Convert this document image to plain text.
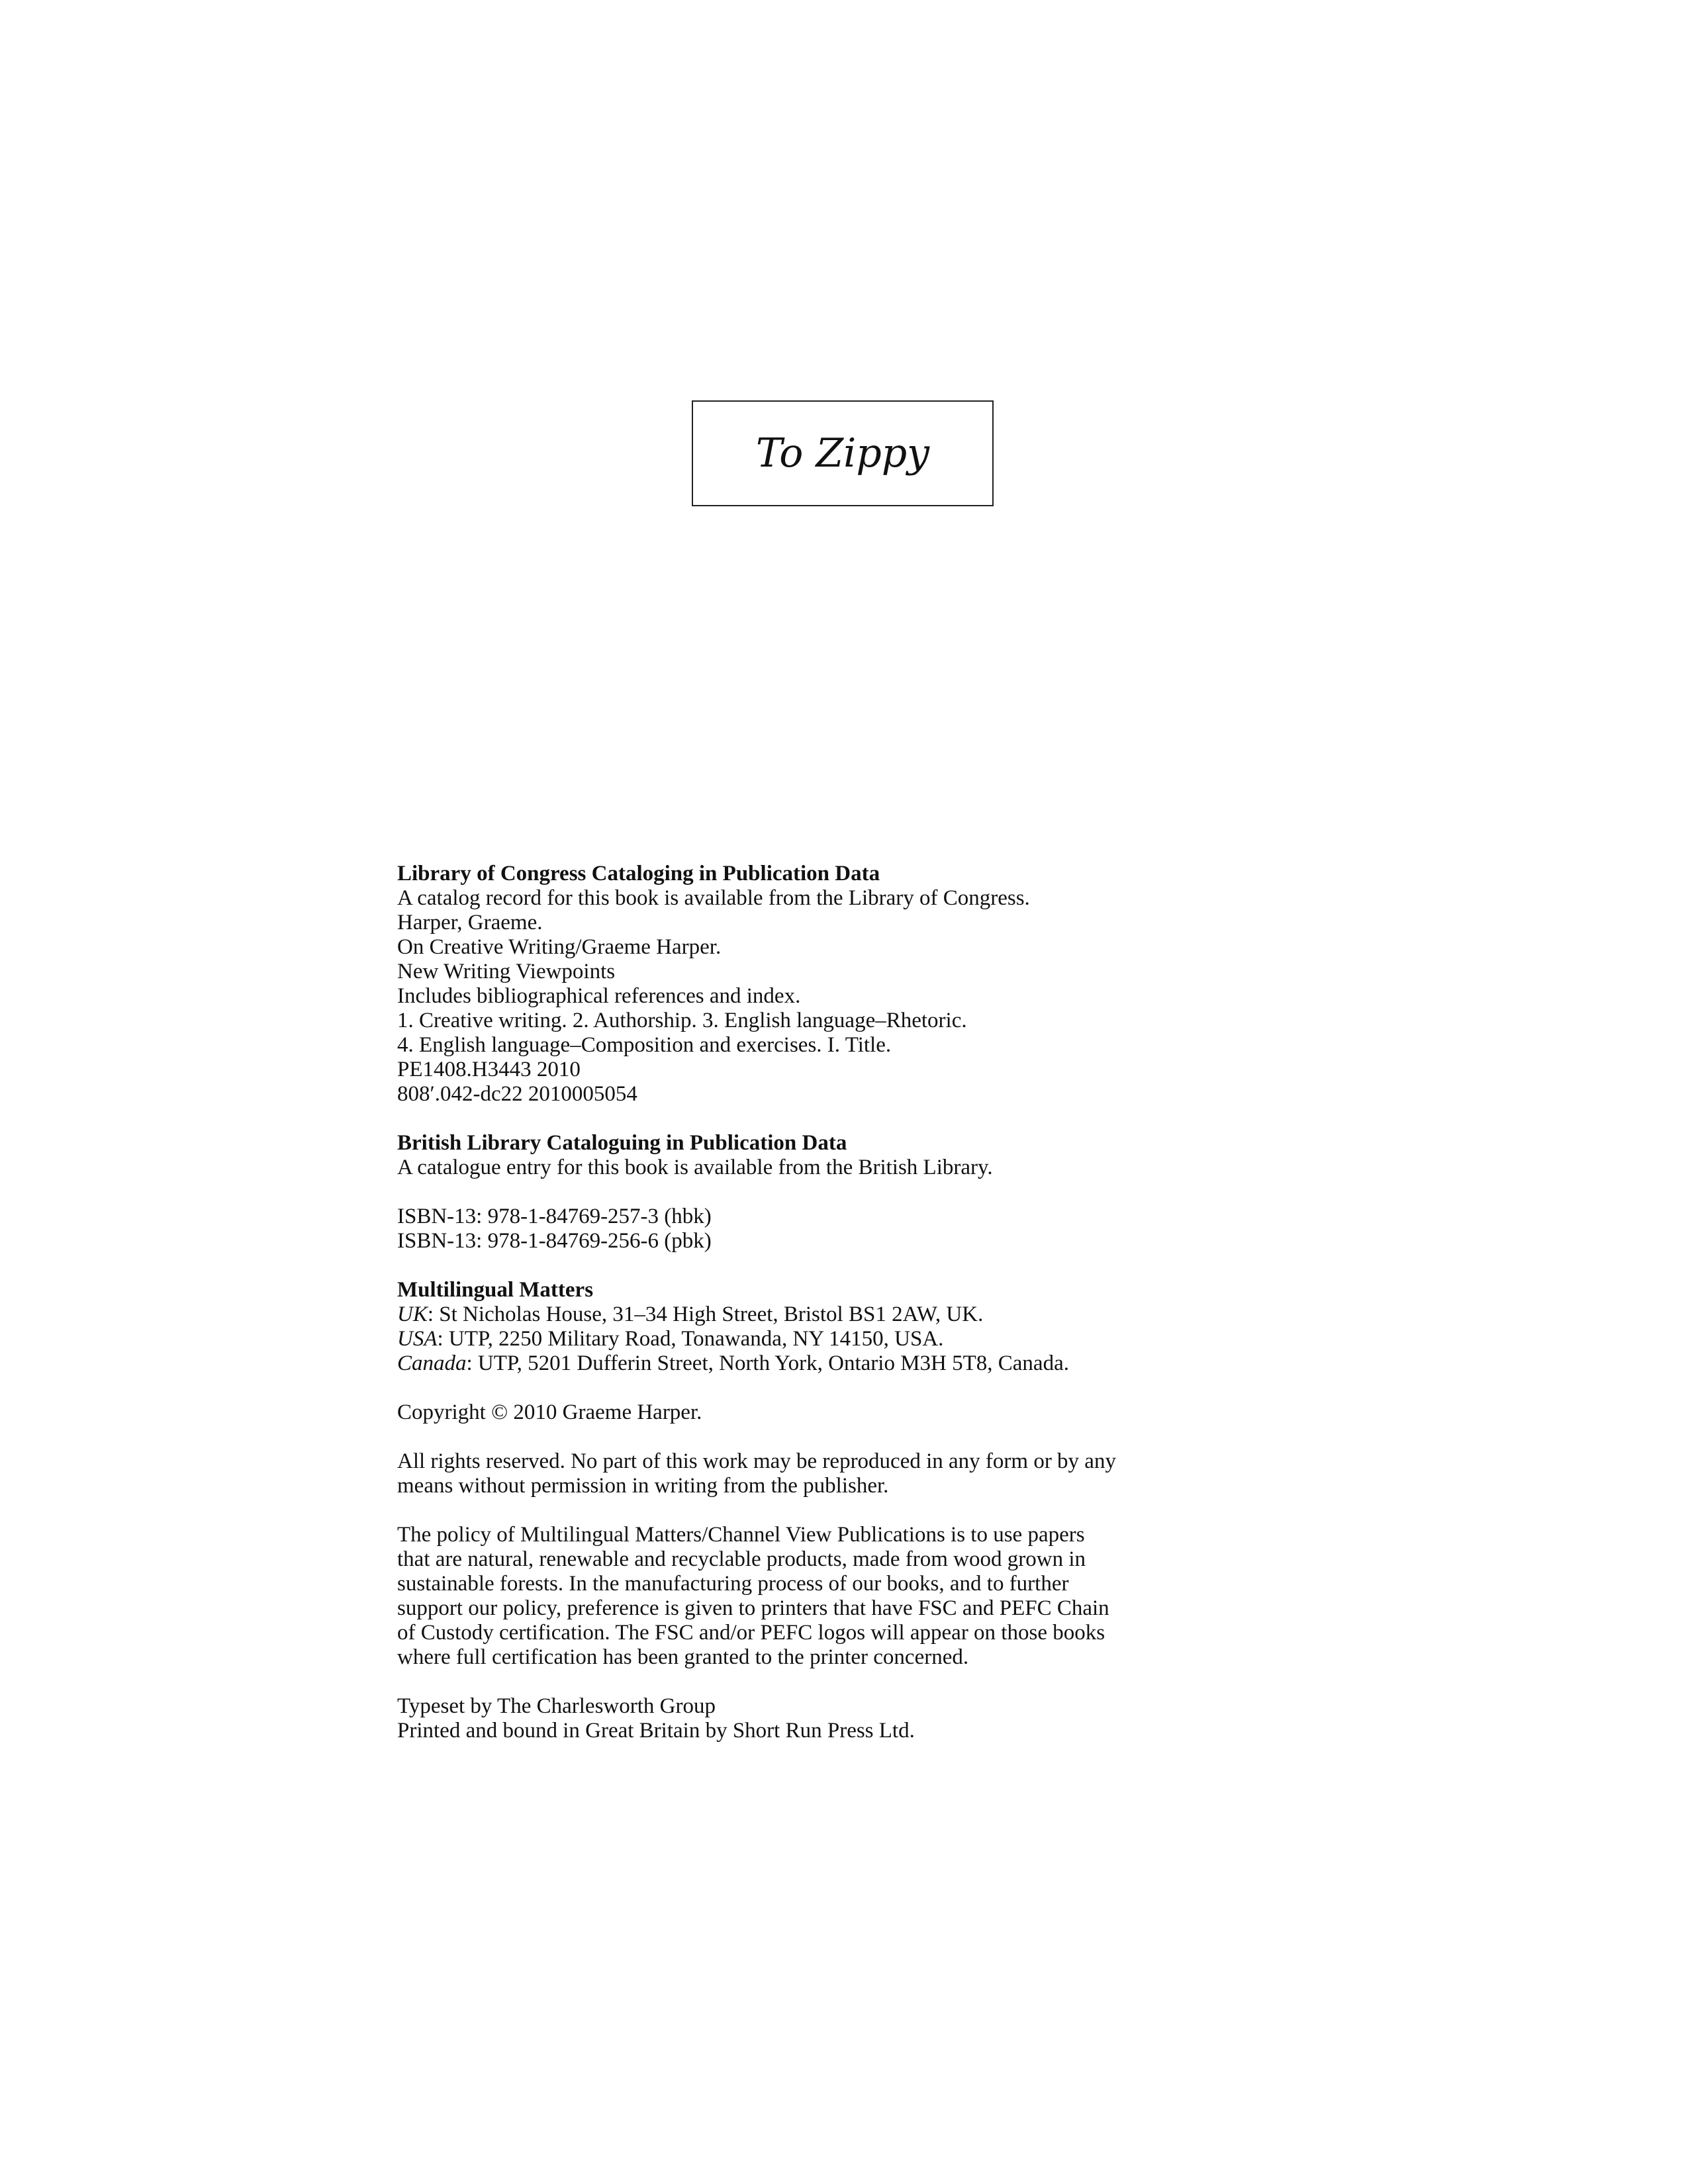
To Zippy
Library of Congress Cataloging in Publication Data
A catalog record for this book is available from the Library of Congress.
Harper, Graeme.
On Creative Writing/Graeme Harper.
New Writing Viewpoints
Includes bibliographical references and index.
1. Creative writing. 2. Authorship. 3. English language–Rhetoric.
4. English language–Composition and exercises. I. Title.
PE1408.H3443 2010
808′.042-dc22 2010005054
British Library Cataloguing in Publication Data
A catalogue entry for this book is available from the British Library.
ISBN-13: 978-1-84769-257-3 (hbk)
ISBN-13: 978-1-84769-256-6 (pbk)
Multilingual Matters
UK: St Nicholas House, 31–34 High Street, Bristol BS1 2AW, UK.
USA: UTP, 2250 Military Road, Tonawanda, NY 14150, USA.
Canada: UTP, 5201 Dufferin Street, North York, Ontario M3H 5T8, Canada.
Copyright © 2010 Graeme Harper.
All rights reserved. No part of this work may be reproduced in any form or by any
means without permission in writing from the publisher.
The policy of Multilingual Matters/Channel View Publications is to use papers
that are natural, renewable and recyclable products, made from wood grown in
sustainable forests. In the manufacturing process of our books, and to further
support our policy, preference is given to printers that have FSC and PEFC Chain
of Custody certification. The FSC and/or PEFC logos will appear on those books
where full certification has been granted to the printer concerned.
Typeset by The Charlesworth Group
Printed and bound in Great Britain by Short Run Press Ltd.
